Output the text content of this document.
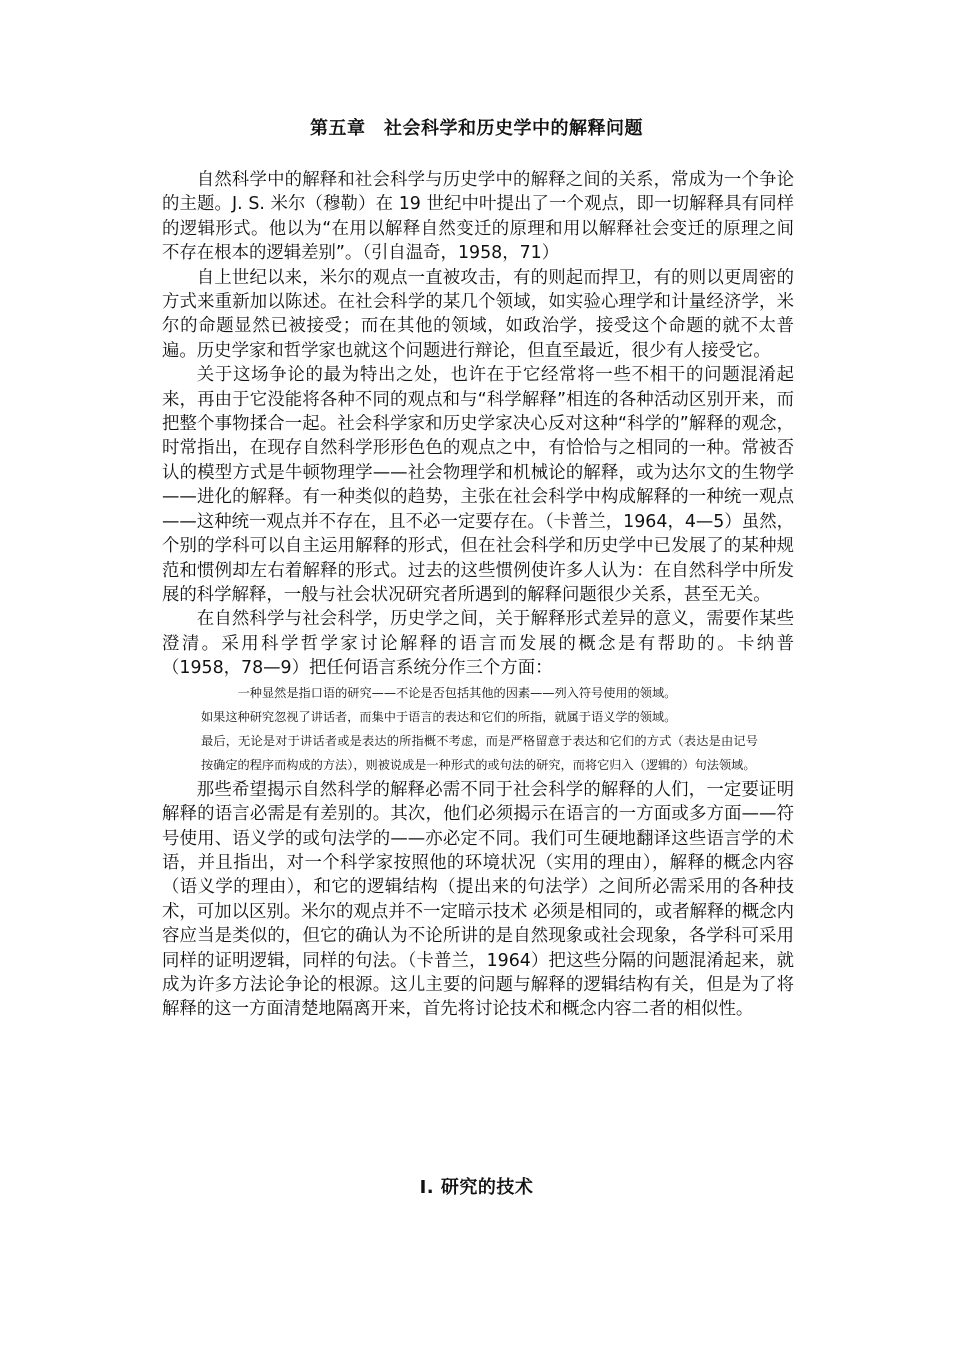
第五章　社会科学和历史学中的解释问题

自然科学中的解释和社会科学与历史学中的解释之间的关系，常成为一个争论的主题。J. S. 米尔（穆勒）在 19 世纪中叶提出了一个观点，即一切解释具有同样的逻辑形式。他以为“在用以解释自然变迁的原理和用以解释社会变迁的原理之间不存在根本的逻辑差别”。（引自温奇，1958，71）

自上世纪以来，米尔的观点一直被攻击，有的则起而捍卫，有的则以更周密的方式来重新加以陈述。在社会科学的某几个领域，如实验心理学和计量经济学，米尔的命题显然已被接受；而在其他的领域，如政治学，接受这个命题的就不太普遍。历史学家和哲学家也就这个问题进行辩论，但直至最近，很少有人接受它。

关于这场争论的最为特出之处，也许在于它经常将一些不相干的问题混淆起来，再由于它没能将各种不同的观点和与“科学解释”相连的各种活动区别开来，而把整个事物揉合一起。社会科学家和历史学家决心反对这种“科学的”解释的观念，时常指出，在现存自然科学形形色色的观点之中，有恰恰与之相同的一种。常被否认的模型方式是牛顿物理学——社会物理学和机械论的解释，或为达尔文的生物学——进化的解释。有一种类似的趋势，主张在社会科学中构成解释的一种统一观点——这种统一观点并不存在，且不必一定要存在。（卡普兰，1964，4—5）虽然，个别的学科可以自主运用解释的形式，但在社会科学和历史学中已发展了的某种规范和惯例却左右着解释的形式。过去的这些惯例使许多人认为：在自然科学中所发展的科学解释，一般与社会状况研究者所遇到的解释问题很少关系，甚至无关。

在自然科学与社会科学，历史学之间，关于解释形式差异的意义，需要作某些澄清。采用科学哲学家讨论解释的语言而发展的概念是有帮助的。卡纳普（1958，78—9）把任何语言系统分作三个方面：

一种显然是指口语的研究——不论是否包括其他的因素——列入符号使用的领域。

如果这种研究忽视了讲话者，而集中于语言的表达和它们的所指，就属于语义学的领域。

最后，无论是对于讲话者或是表达的所指概不考虑，而是严格留意于表达和它们的方式（表达是由记号按确定的程序而构成的方法），则被说成是一种形式的或句法的研究，而将它归入（逻辑的）句法领域。

那些希望揭示自然科学的解释必需不同于社会科学的解释的人们，一定要证明解释的语言必需是有差别的。其次，他们必须揭示在语言的一方面或多方面——符号使用、语义学的或句法学的——亦必定不同。我们可生硬地翻译这些语言学的术语，并且指出，对一个科学家按照他的环境状况（实用的理由），解释的概念内容（语义学的理由），和它的逻辑结构（提出来的句法学）之间所必需采用的各种技术，可加以区别。米尔的观点并不一定暗示技术 必须是相同的，或者解释的概念内容应当是类似的，但它的确认为不论所讲的是自然现象或社会现象，各学科可采用同样的证明逻辑，同样的句法。（卡普兰，1964）把这些分隔的问题混淆起来，就成为许多方法论争论的根源。这儿主要的问题与解释的逻辑结构有关，但是为了将解释的这一方面清楚地隔离开来，首先将讨论技术和概念内容二者的相似性。

I. 研究的技术
